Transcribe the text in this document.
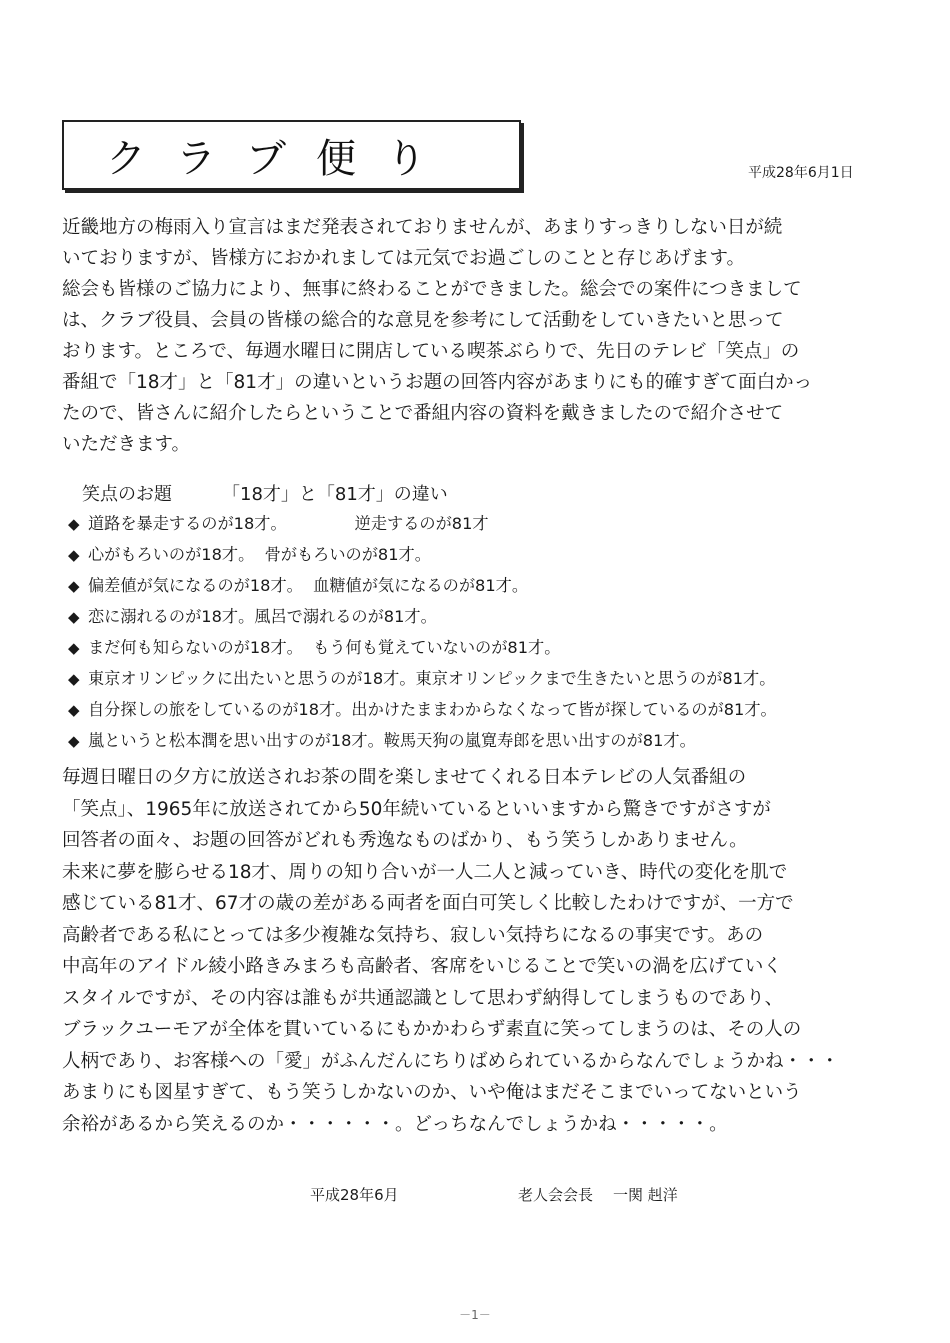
クラブ便り	平成28年6月1日

近畿地方の梅雨入り宣言はまだ発表されておりませんが、あまりすっきりしない日が続

いておりますが、皆様方におかれましては元気でお過ごしのことと存じあげます。

総会も皆様のご協力により、無事に終わることができました。総会での案件につきまして

は、クラブ役員、会員の皆様の総合的な意見を参考にして活動をしていきたいと思って

おります。ところで、毎週水曜日に開店している喫茶ぶらりで、先日のテレビ「笑点」の

番組で「18才」と「81才」の違いというお題の回答内容があまりにも的確すぎて面白かっ

たので、皆さんに紹介したらということで番組内容の資料を戴きましたので紹介させて

いただきます。

笑点のお題	「18才」と「81才」の違い
◆ 道路を暴走するのが18才。	逆走するのが81才
◆ 心がもろいのが18才。 骨がもろいのが81才。
◆ 偏差値が気になるのが18才。 血糖値が気になるのが81才。
◆ 恋に溺れるのが18才。風呂で溺れるのが81才。
◆ まだ何も知らないのが18才。 もう何も覚えていないのが81才。
◆ 東京オリンピックに出たいと思うのが18才。東京オリンピックまで生きたいと思うのが81才。
◆ 自分探しの旅をしているのが18才。出かけたままわからなくなって皆が探しているのが81才。
◆ 嵐というと松本潤を思い出すのが18才。鞍馬天狗の嵐寛寿郎を思い出すのが81才。

毎週日曜日の夕方に放送されお茶の間を楽しませてくれる日本テレビの人気番組の

「笑点」、1965年に放送されてから50年続いているといいますから驚きですがさすが

回答者の面々、お題の回答がどれも秀逸なものばかり、もう笑うしかありません。

未来に夢を膨らせる18才、周りの知り合いが一人二人と減っていき、時代の変化を肌で

感じている81才、67才の歳の差がある両者を面白可笑しく比較したわけですが、一方で

高齢者である私にとっては多少複雑な気持ち、寂しい気持ちになるの事実です。あの

中高年のアイドル綾小路きみまろも高齢者、客席をいじることで笑いの渦を広げていく

スタイルですが、その内容は誰もが共通認識として思わず納得してしまうものであり、

ブラックユーモアが全体を貫いているにもかかわらず素直に笑ってしまうのは、その人の

人柄であり、お客様への「愛」がふんだんにちりばめられているからなんでしょうかね・・・

あまりにも図星すぎて、もう笑うしかないのか、いや俺はまだそこまでいってないという

余裕があるから笑えるのか・・・・・・。どっちなんでしょうかね・・・・・。

平成28年6月	老人会会長 一関 赳洋
－1－
